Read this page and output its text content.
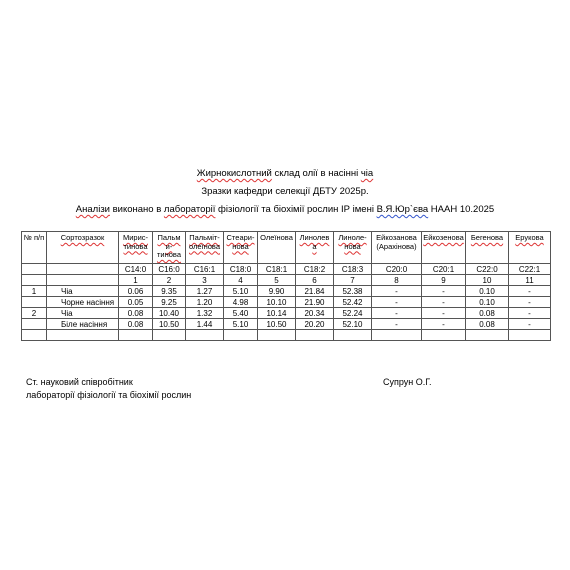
Жирнокислотний склад олії в насінні чіа
Зразки кафедри селекції ДБТУ 2025р.
Аналізи виконано в лабораторії фізіології та біохімії рослин ІР імені В.Я.Юр`єва НААН 10.2025
№ п/п	Сортозразок	Мирис- тинова	Пальм и- тинова	Пальміт- олеїнова	Стеари- нова	Олеїнова	Линолев а	Линоле- нова	Ейкозанова (Арахінова)	Ейкозенова	Бегенова	Ерукова

		С14:0	С16:0	С16:1	С18:0	С18:1	С18:2	С18:3	С20:0	С20:1	С22:0	С22:1
		1	2	3	4	5	6	7	8	9	10	11
1	Чіа	0.06	9.35	1.27	5.10	9.90	21.84	52.38	-	-	0.10	-
	Чорне насіння	0.05	9.25	1.20	4.98	10.10	21.90	52.42	-	-	0.10	-
2	Чіа	0.08	10.40	1.32	5.40	10.14	20.34	52.24	-	-	0.08	-
	Біле насіння	0.08	10.50	1.44	5.10	10.50	20.20	52.10	-	-	0.08	-

Ст. науковий співробітник
лабораторії фізіології та біохімії рослин
Супрун О.Г.
